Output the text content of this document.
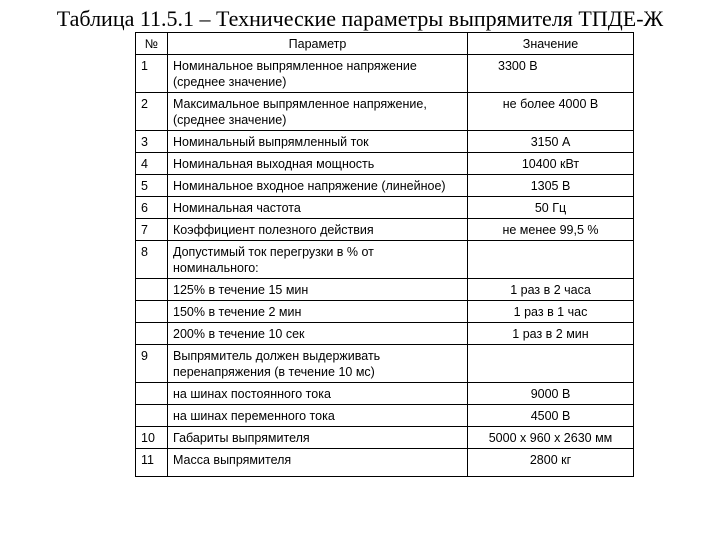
Таблица 11.5.1 – Технические параметры выпрямителя ТПДЕ-Ж
№	Параметр	Значение
1	Номинальное выпрямленное напряжение (среднее значение)	3300 В
2	Максимальное выпрямленное напряжение, (среднее значение)	не более 4000 В
3	Номинальный выпрямленный ток	3150 А
4	Номинальная выходная мощность	10400 кВт
5	Номинальное входное напряжение (линейное)	1305 В
6	Номинальная частота	50 Гц
7	Коэффициент полезного действия	не менее 99,5 %
8	Допустимый ток перегрузки в % от номинального:	
	125% в течение 15 мин	1 раз в 2 часа
	150% в течение 2 мин	1 раз в 1 час
	200% в течение 10 сек	1 раз в 2 мин
9	Выпрямитель должен выдерживать перенапряжения (в течение 10 мс)	
	на шинах постоянного тока	9000 В
	на шинах переменного тока	4500 В
10	Габариты выпрямителя	5000 х 960 х 2630 мм
11	Масса выпрямителя	2800 кг
